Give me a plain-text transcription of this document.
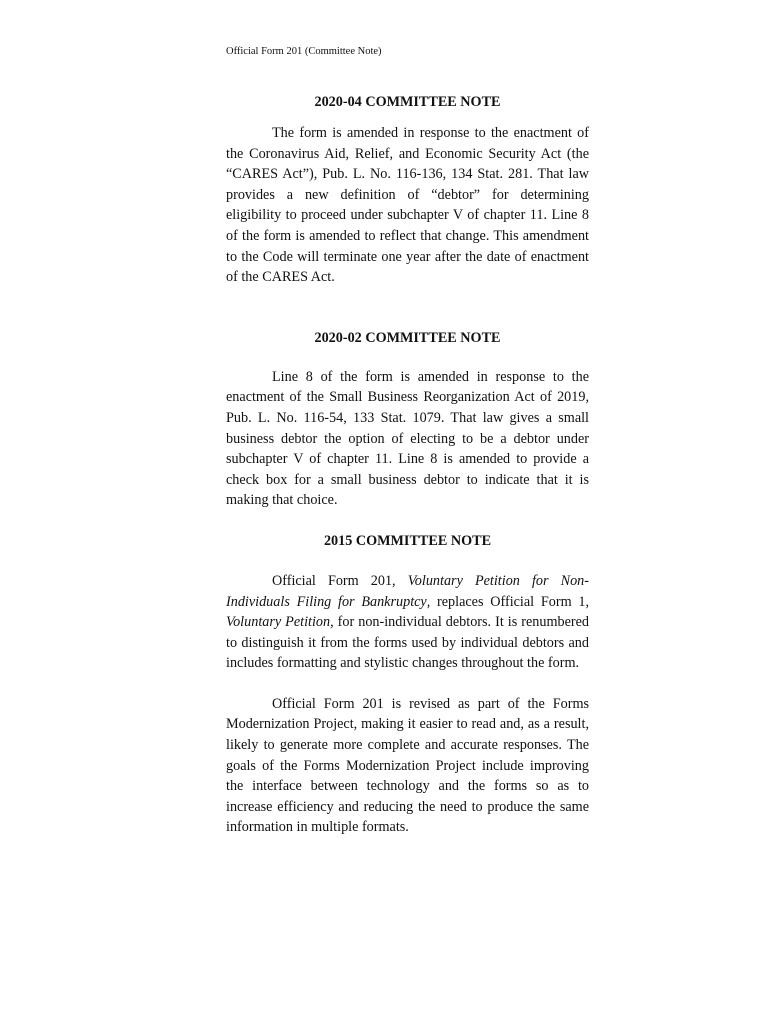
Official Form 201 (Committee Note)
2020-04 COMMITTEE NOTE

The form is amended in response to the enactment of the Coronavirus Aid, Relief, and Economic Security Act (the “CARES Act”), Pub. L. No. 116-136, 134 Stat. 281. That law provides a new definition of “debtor” for determining eligibility to proceed under subchapter V of chapter 11. Line 8 of the form is amended to reflect that change. This amendment to the Code will terminate one year after the date of enactment of the CARES Act.

2020-02 COMMITTEE NOTE

Line 8 of the form is amended in response to the enactment of the Small Business Reorganization Act of 2019, Pub. L. No. 116-54, 133 Stat. 1079. That law gives a small business debtor the option of electing to be a debtor under subchapter V of chapter 11. Line 8 is amended to provide a check box for a small business debtor to indicate that it is making that choice.

2015 COMMITTEE NOTE

Official Form 201, Voluntary Petition for Non-Individuals Filing for Bankruptcy, replaces Official Form 1, Voluntary Petition, for non-individual debtors. It is renumbered to distinguish it from the forms used by individual debtors and includes formatting and stylistic changes throughout the form.

Official Form 201 is revised as part of the Forms Modernization Project, making it easier to read and, as a result, likely to generate more complete and accurate responses. The goals of the Forms Modernization Project include improving the interface between technology and the forms so as to increase efficiency and reducing the need to produce the same information in multiple formats.
